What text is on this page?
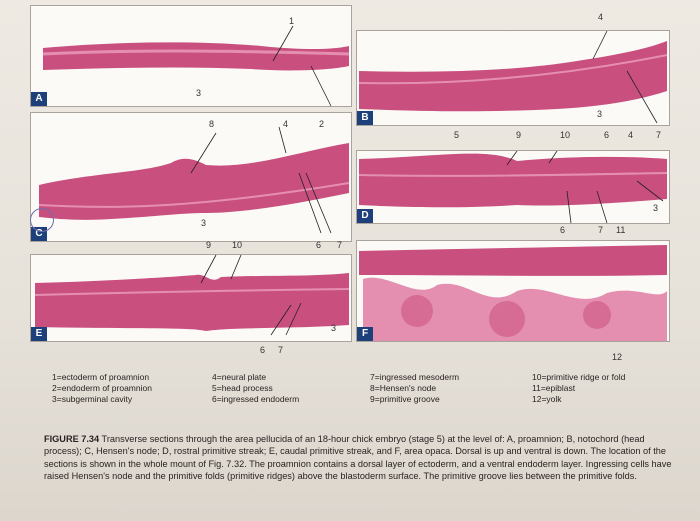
1
3
A
8	4	2
3
C
9 10	6 7
3
E
6 7
3
B
4
5	9	10	6 4	7
3
D
6	7 11
F
12
1=ectoderm of proamnion
2=endoderm of proamnion
3=subgerminal cavity
4=neural plate
5=head process
6=ingressed endoderm
7=ingressed mesoderm
8=Hensen's node
9=primitive groove
10=primitive ridge or fold
11=epiblast
12=yolk
FIGURE 7.34 Transverse sections through the area pellucida of an 18-hour chick embryo (stage 5) at the level of: A, proamnion; B, notochord (head process); C, Hensen's node; D, rostral primitive streak; E, caudal primitive streak, and F, area opaca. Dorsal is up and ventral is down. The location of the sections is shown in the whole mount of Fig. 7.32. The proamnion contains a dorsal layer of ectoderm, and a ventral endoderm layer. Ingressing cells have raised Hensen's node and the primitive folds (primitive ridges) above the blastoderm surface. The primitive groove lies between the primitive folds.
